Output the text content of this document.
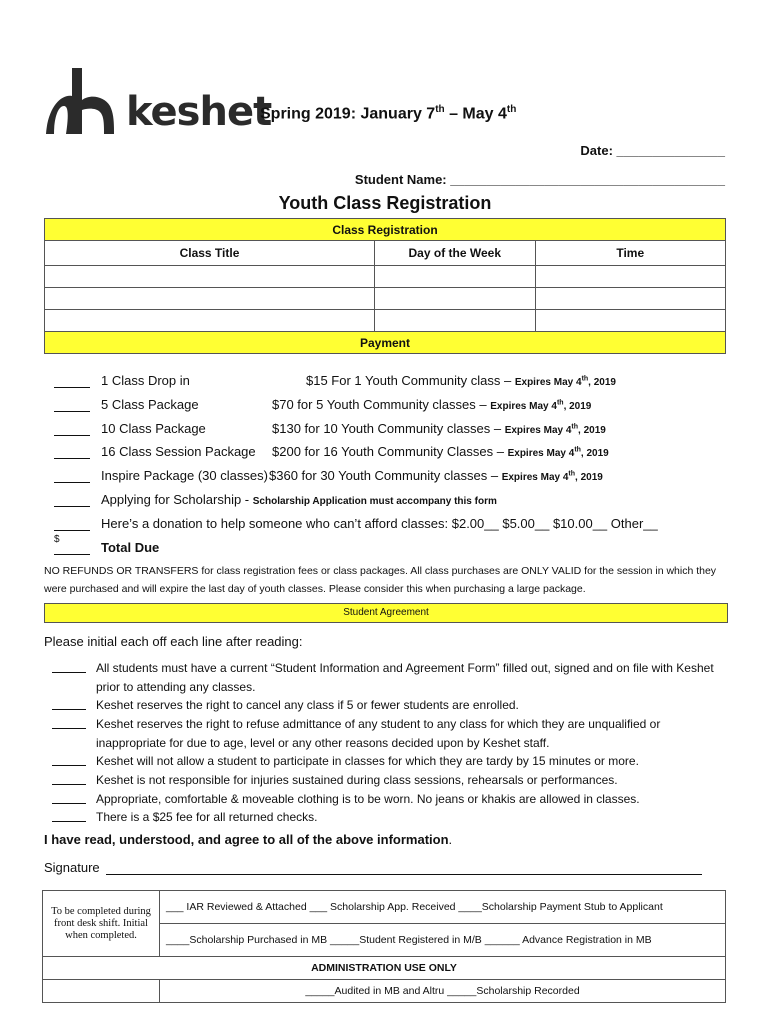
keshet
Spring 2019: January 7th – May 4th
Date: _______________
Student Name: ______________________________________
Youth Class Registration
Class Registration		
Class Title	Day of the Week	Time

Payment		
1 Class Drop in	$15 For 1 Youth Community class – Expires May 4th, 2019
5 Class Package	$70 for 5 Youth Community classes – Expires May 4th, 2019
10 Class Package	$130 for 10 Youth Community classes – Expires May 4th, 2019
16 Class Session Package $200 for 16 Youth Community Classes – Expires May 4th, 2019
Inspire Package (30 classes) $360 for 30 Youth Community classes – Expires May 4th, 2019
Applying for Scholarship - Scholarship Application must accompany this form
Here’s a donation to help someone who can’t afford classes: $2.00__ $5.00__ $10.00__ Other__
$
Total Due
NO REFUNDS OR TRANSFERS for class registration fees or class packages. All class purchases are ONLY VALID for the session in which they were purchased and will expire the last day of youth classes. Please consider this when purchasing a large package.
Student Agreement
Please initial each off each line after reading:
All students must have a current “Student Information and Agreement Form” filled out, signed and on file with Keshet prior to attending any classes.
Keshet reserves the right to cancel any class if 5 or fewer students are enrolled.
Keshet reserves the right to refuse admittance of any student to any class for which they are unqualified or inappropriate for due to age, level or any other reasons decided upon by Keshet staff.
Keshet will not allow a student to participate in classes for which they are tardy by 15 minutes or more.
Keshet is not responsible for injuries sustained during class sessions, rehearsals or performances.
Appropriate, comfortable & moveable clothing is to be worn. No jeans or khakis are allowed in classes.
There is a $25 fee for all returned checks.
I have read, understood, and agree to all of the above information.
Signature
To be completed during front desk shift. Initial when completed.	___ IAR Reviewed & Attached ___ Scholarship App. Received ____Scholarship Payment Stub to Applicant
	____Scholarship Purchased in MB _____Student Registered in M/B ______ Advance Registration in MB
ADMINISTRATION USE ONLY	
	_____Audited in MB and Altru _____Scholarship Recorded
